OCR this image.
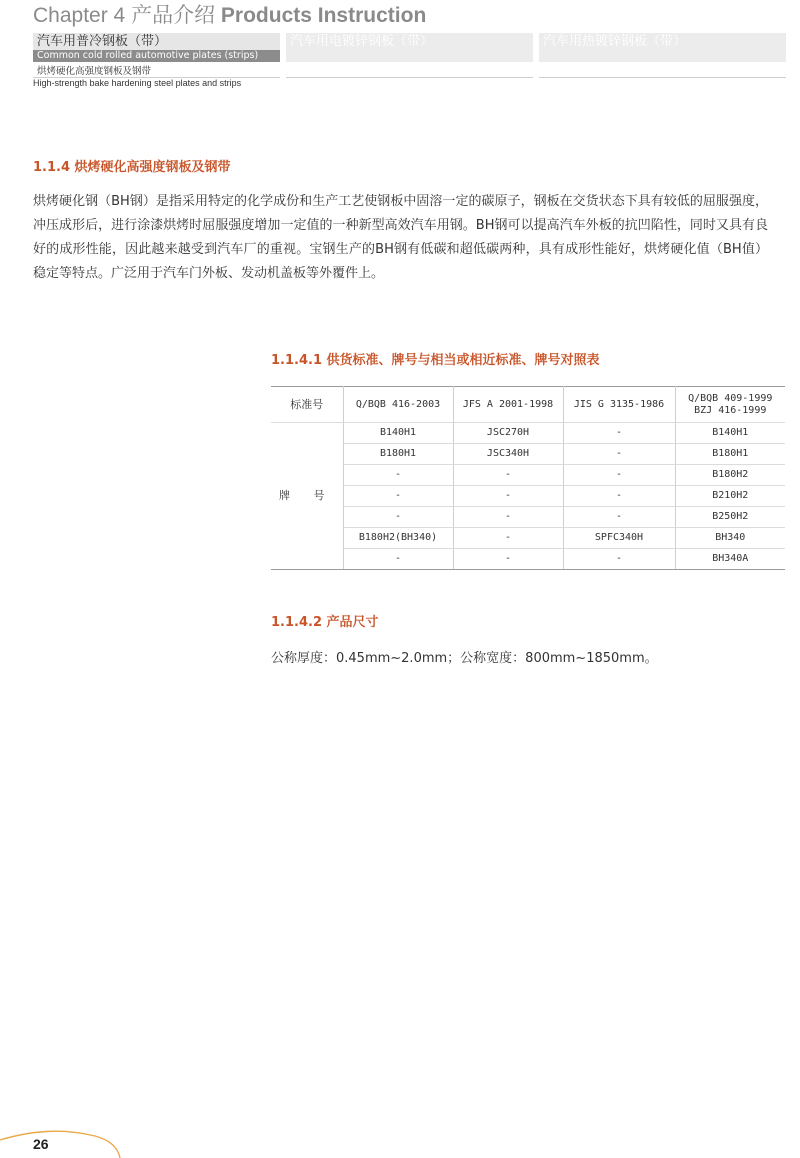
Chapter 4 产品介绍 Products Instruction
汽车用普冷钢板（带）
Common cold rolled automotive plates (strips)
汽车用电镀锌钢板（带）	汽车用热镀锌钢板（带）
烘烤硬化高强度钢板及钢带
High-strength bake hardening steel plates and strips
1.1.4 烘烤硬化高强度钢板及钢带
烘烤硬化钢（BH钢）是指采用特定的化学成份和生产工艺使钢板中固溶一定的碳原子，钢板在交货状态下具有较低的屈服强度，冲压成形后，进行涂漆烘烤时屈服强度增加一定值的一种新型高效汽车用钢。BH钢可以提高汽车外板的抗凹陷性，同时又具有良好的成形性能，因此越来越受到汽车厂的重视。宝钢生产的BH钢有低碳和超低碳两种，具有成形性能好，烘烤硬化值（BH值）稳定等特点。广泛用于汽车门外板、发动机盖板等外覆件上。
1.1.4.1 供货标准、牌号与相当或相近标准、牌号对照表
标准号	Q/BQB 416-2003	JFS A 2001-1998	JIS G 3135-1986	Q/BQB 409-1999
BZJ 416-1999
牌 号	B140H1	JSC270H	-	B140H1
	B180H1	JSC340H	-	B180H1
	-	-	-	B180H2
	-	-	-	B210H2
	-	-	-	B250H2
	B180H2(BH340)	-	SPFC340H	BH340
	-	-	-	BH340A
1.1.4.2 产品尺寸
公称厚度：0.45mm~2.0mm；公称宽度：800mm~1850mm。
26
